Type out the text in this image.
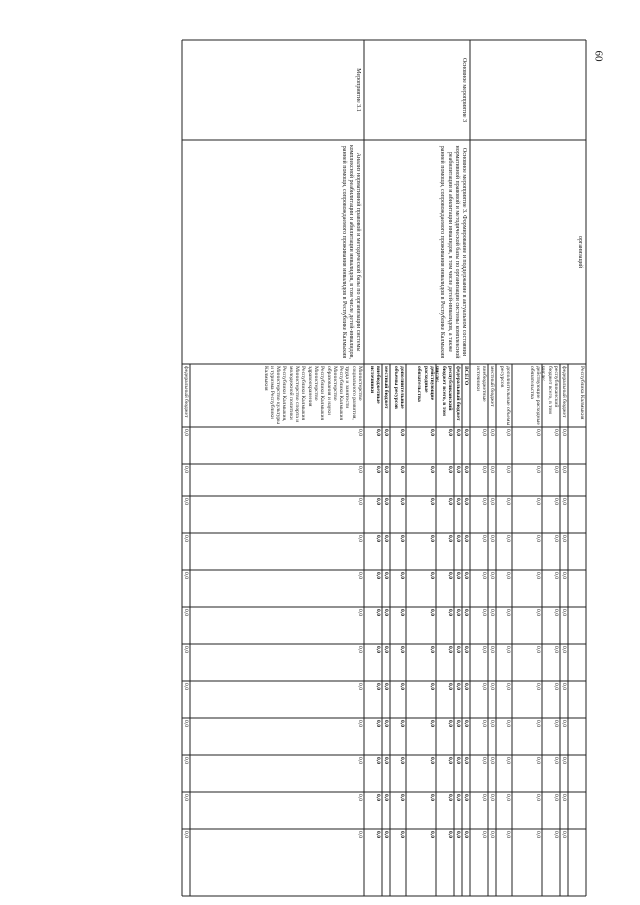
60
Республика Калмыкия
федеральный бюджет
0,0
0,0
0,0
0,0
0,0
0,0
0,0
0,0
0,0
0,0
0,0
0,0
республиканский бюджет всего, в том числе:
0,0
0,0
0,0
0,0
0,0
0,0
0,0
0,0
0,0
0,0
0,0
0,0
действующие расходные обязательства
0,0
0,0
0,0
0,0
0,0
0,0
0,0
0,0
0,0
0,0
0,0
0,0
дополнительные объемы ресурсов
0,0
0,0
0,0
0,0
0,0
0,0
0,0
0,0
0,0
0,0
0,0
0,0
местный бюджет
0,0
0,0
0,0
0,0
0,0
0,0
0,0
0,0
0,0
0,0
0,0
0,0
внебюджетные источники
0,0
0,0
0,0
0,0
0,0
0,0
0,0
0,0
0,0
0,0
0,0
0,0
организаций
ВСЕГО
0,0
0,0
0,0
0,0
0,0
0,0
0,0
0,0
0,0
0,0
0,0
0,0
федеральный бюджет
0,0
0,0
0,0
0,0
0,0
0,0
0,0
0,0
0,0
0,0
0,0
0,0
республиканский бюджет всего, в том числе:
0,0
0,0
0,0
0,0
0,0
0,0
0,0
0,0
0,0
0,0
0,0
0,0
действующие расходные обязательства
0,0
0,0
0,0
0,0
0,0
0,0
0,0
0,0
0,0
0,0
0,0
0,0
дополнительные объемы ресурсов
0,0
0,0
0,0
0,0
0,0
0,0
0,0
0,0
0,0
0,0
0,0
0,0
местный бюджет
0,0
0,0
0,0
0,0
0,0
0,0
0,0
0,0
0,0
0,0
0,0
0,0
внебюджетные источники
0,0
0,0
0,0
0,0
0,0
0,0
0,0
0,0
0,0
0,0
0,0
0,0
Основное мероприятие 3
Основное мероприятие 3. Формирование и поддержание в актуальном состоянии нормативной правовой и методической базы по организации системы комплексной реабилитации и абилитации инвалидов, в том числе детей-инвалидов, а также ранней помощи, сопровождаемого проживания инвалидов в Республике Калмыкия
Министерство социального развития, труда и занятости Республики Калмыкия Министерство образования и науки Республики Калмыкия Министерство здравоохранения Республики Калмыкия Министерство спорта и молодежной политики Республики Калмыкия, Министерство культуры и туризма Республики Калмыкия
0,0
0,0
0,0
0,0
0,0
0,0
0,0
0,0
0,0
0,0
0,0
0,0
федеральный бюджет
0,0
0,0
0,0
0,0
0,0
0,0
0,0
0,0
0,0
0,0
0,0
0,0
Мероприятие 3.1
Анализ нормативной правовой и методической базы по организации системы комплексной реабилитации и абилитации инвалидов, в том числе детей-инвалидов, ранней помощи, сопровождаемого проживания инвалидов в Республике Калмыкия
